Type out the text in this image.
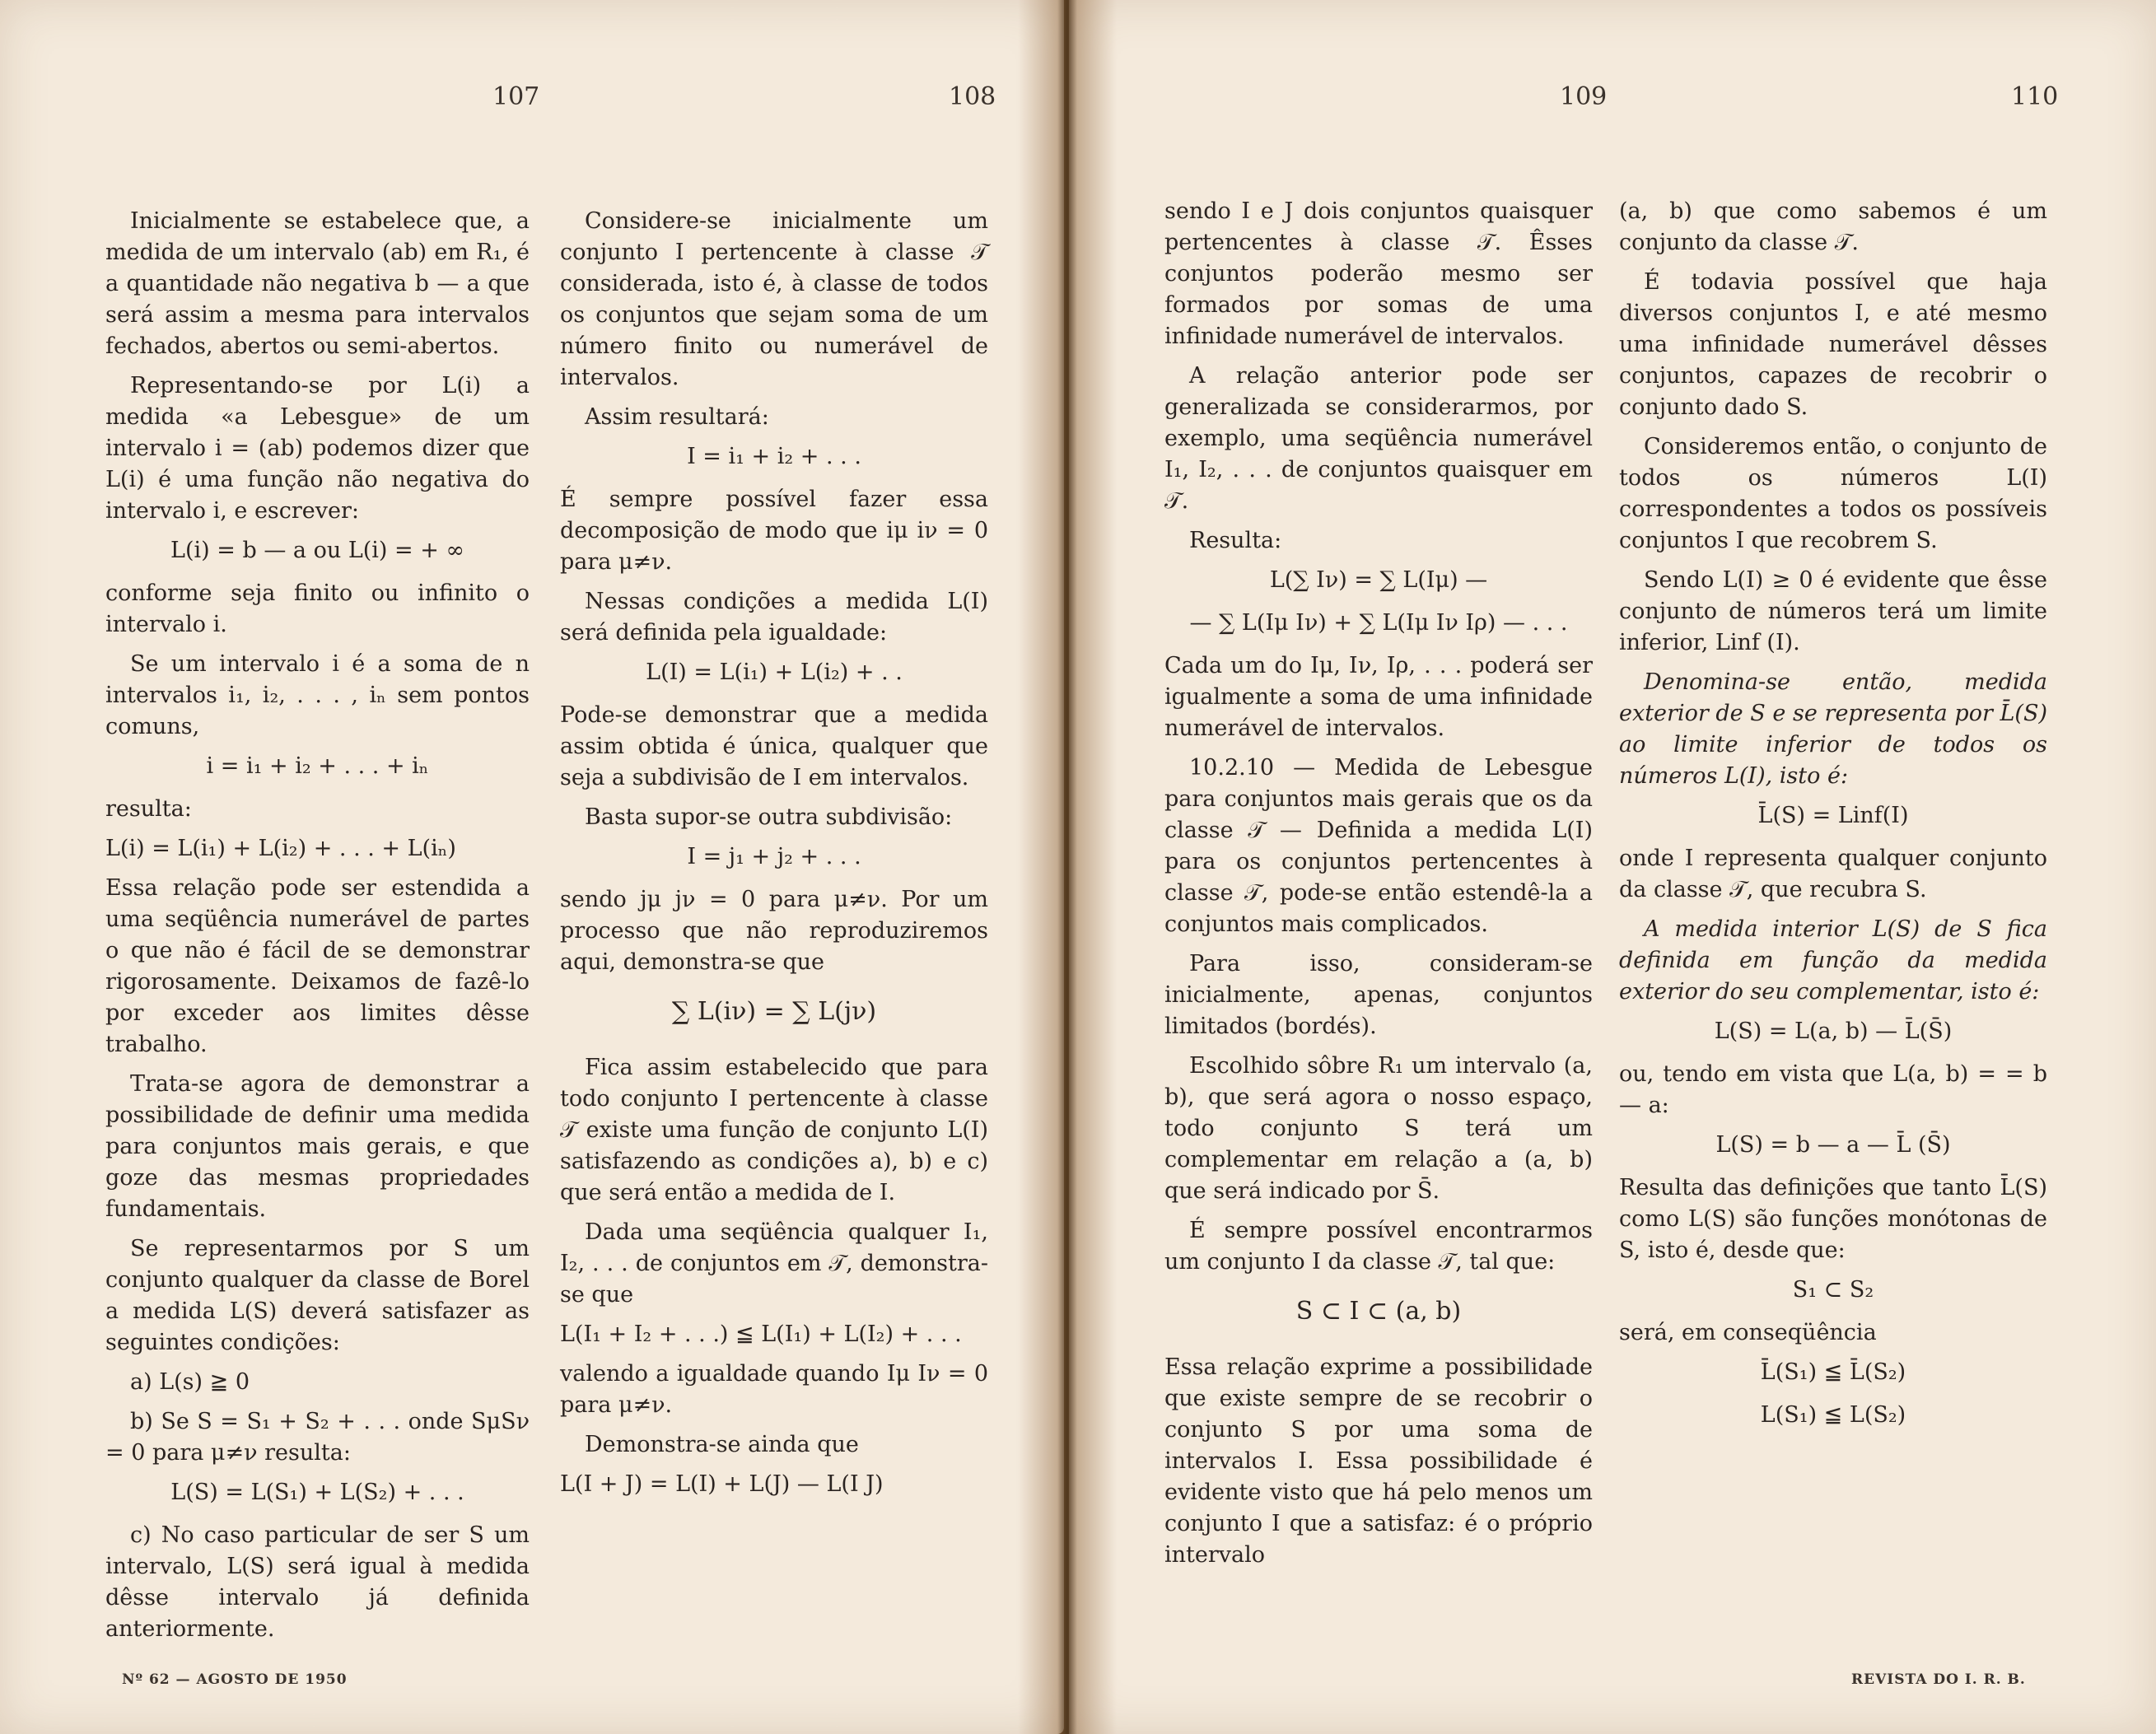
107	108	109	110

Inicialmente se estabelece que, a medida de um intervalo (ab) em R₁, é a quantidade não negativa b — a que será assim a mesma para intervalos fechados, abertos ou semi-abertos.

Representando-se por L(i) a medida «a Lebesgue» de um intervalo i = (ab) podemos dizer que L(i) é uma função não negativa do intervalo i, e escrever:

L(i) = b — a ou L(i) = + ∞

conforme seja finito ou infinito o intervalo i.

Se um intervalo i é a soma de n intervalos i₁, i₂, . . . , iₙ sem pontos comuns,

i = i₁ + i₂ + . . . + iₙ

resulta:

L(i) = L(i₁) + L(i₂) + . . . + L(iₙ)

Essa relação pode ser estendida a uma seqüência numerável de partes o que não é fácil de se demonstrar rigorosamente. Deixamos de fazê-lo por exceder aos limites dêsse trabalho.

Trata-se agora de demonstrar a possibilidade de definir uma medida para conjuntos mais gerais, e que goze das mesmas propriedades fundamentais.

Se representarmos por S um conjunto qualquer da classe de Borel a medida L(S) deverá satisfazer as seguintes condições:

a) L(s) ≧ 0

b) Se S = S₁ + S₂ + . . . onde SμSν = 0 para μ≠ν resulta:

L(S) = L(S₁) + L(S₂) + . . .

c) No caso particular de ser S um intervalo, L(S) será igual à medida dêsse intervalo já definida anteriormente.

Considere-se inicialmente um conjunto I pertencente à classe 𝒯 considerada, isto é, à classe de todos os conjuntos que sejam soma de um número finito ou numerável de intervalos.

Assim resultará:

I = i₁ + i₂ + . . .

É sempre possível fazer essa decomposição de modo que iμ iν = 0 para μ≠ν.

Nessas condições a medida L(I) será definida pela igualdade:

L(I) = L(i₁) + L(i₂) + . .

Pode-se demonstrar que a medida assim obtida é única, qualquer que seja a subdivisão de I em intervalos.

Basta supor-se outra subdivisão:

I = j₁ + j₂ + . . .

sendo jμ jν = 0 para μ≠ν. Por um processo que não reproduziremos aqui, demonstra-se que

∑ L(iν) = ∑ L(jν)

Fica assim estabelecido que para todo conjunto I pertencente à classe 𝒯 existe uma função de conjunto L(I) satisfazendo as condições a), b) e c) que será então a medida de I.

Dada uma seqüência qualquer I₁, I₂, . . . de conjuntos em 𝒯, demonstra-se que

L(I₁ + I₂ + . . .) ≦ L(I₁) + L(I₂) + . . .

valendo a igualdade quando Iμ Iν = 0 para μ≠ν.

Demonstra-se ainda que

L(I + J) = L(I) + L(J) — L(I J)

sendo I e J dois conjuntos quaisquer pertencentes à classe 𝒯. Êsses conjuntos poderão mesmo ser formados por somas de uma infinidade numerável de intervalos.

A relação anterior pode ser generalizada se considerarmos, por exemplo, uma seqüência numerável I₁, I₂, . . . de conjuntos quaisquer em 𝒯.

Resulta:

L(∑ Iν) = ∑ L(Iμ) —

— ∑ L(Iμ Iν) + ∑ L(Iμ Iν Iρ) — . . .

Cada um do Iμ, Iν, Iρ, . . . poderá ser igualmente a soma de uma infinidade numerável de intervalos.

10.2.10 — Medida de Lebesgue para conjuntos mais gerais que os da classe 𝒯 — Definida a medida L(I) para os conjuntos pertencentes à classe 𝒯, pode-se então estendê-la a conjuntos mais complicados.

Para isso, consideram-se inicialmente, apenas, conjuntos limitados (bordés).

Escolhido sôbre R₁ um intervalo (a, b), que será agora o nosso espaço, todo conjunto S terá um complementar em relação a (a, b) que será indicado por S̄.

É sempre possível encontrarmos um conjunto I da classe 𝒯, tal que:

S ⊂ I ⊂ (a, b)

Essa relação exprime a possibilidade que existe sempre de se recobrir o conjunto S por uma soma de intervalos I. Essa possibilidade é evidente visto que há pelo menos um conjunto I que a satisfaz: é o próprio intervalo

(a, b) que como sabemos é um conjunto da classe 𝒯.

É todavia possível que haja diversos conjuntos I, e até mesmo uma infinidade numerável dêsses conjuntos, capazes de recobrir o conjunto dado S.

Consideremos então, o conjunto de todos os números L(I) correspondentes a todos os possíveis conjuntos I que recobrem S.

Sendo L(I) ≥ 0 é evidente que êsse conjunto de números terá um limite inferior, Linf (I).

Denomina-se então, medida exterior de S e se representa por L̄(S) ao limite inferior de todos os números L(I), isto é:

L̄(S) = Linf(I)

onde I representa qualquer conjunto da classe 𝒯, que recubra S.

A medida interior L(S) de S fica definida em função da medida exterior do seu complementar, isto é:

L(S) = L(a, b) — L̄(S̄)

ou, tendo em vista que L(a, b) = = b — a:

L(S) = b — a — L̄ (S̄)

Resulta das definições que tanto L̄(S) como L(S) são funções monótonas de S, isto é, desde que:

S₁ ⊂ S₂

será, em conseqüência

L̄(S₁) ≦ L̄(S₂)

L(S₁) ≦ L(S₂)

Nº 62 — AGOSTO DE 1950	REVISTA DO I. R. B.
